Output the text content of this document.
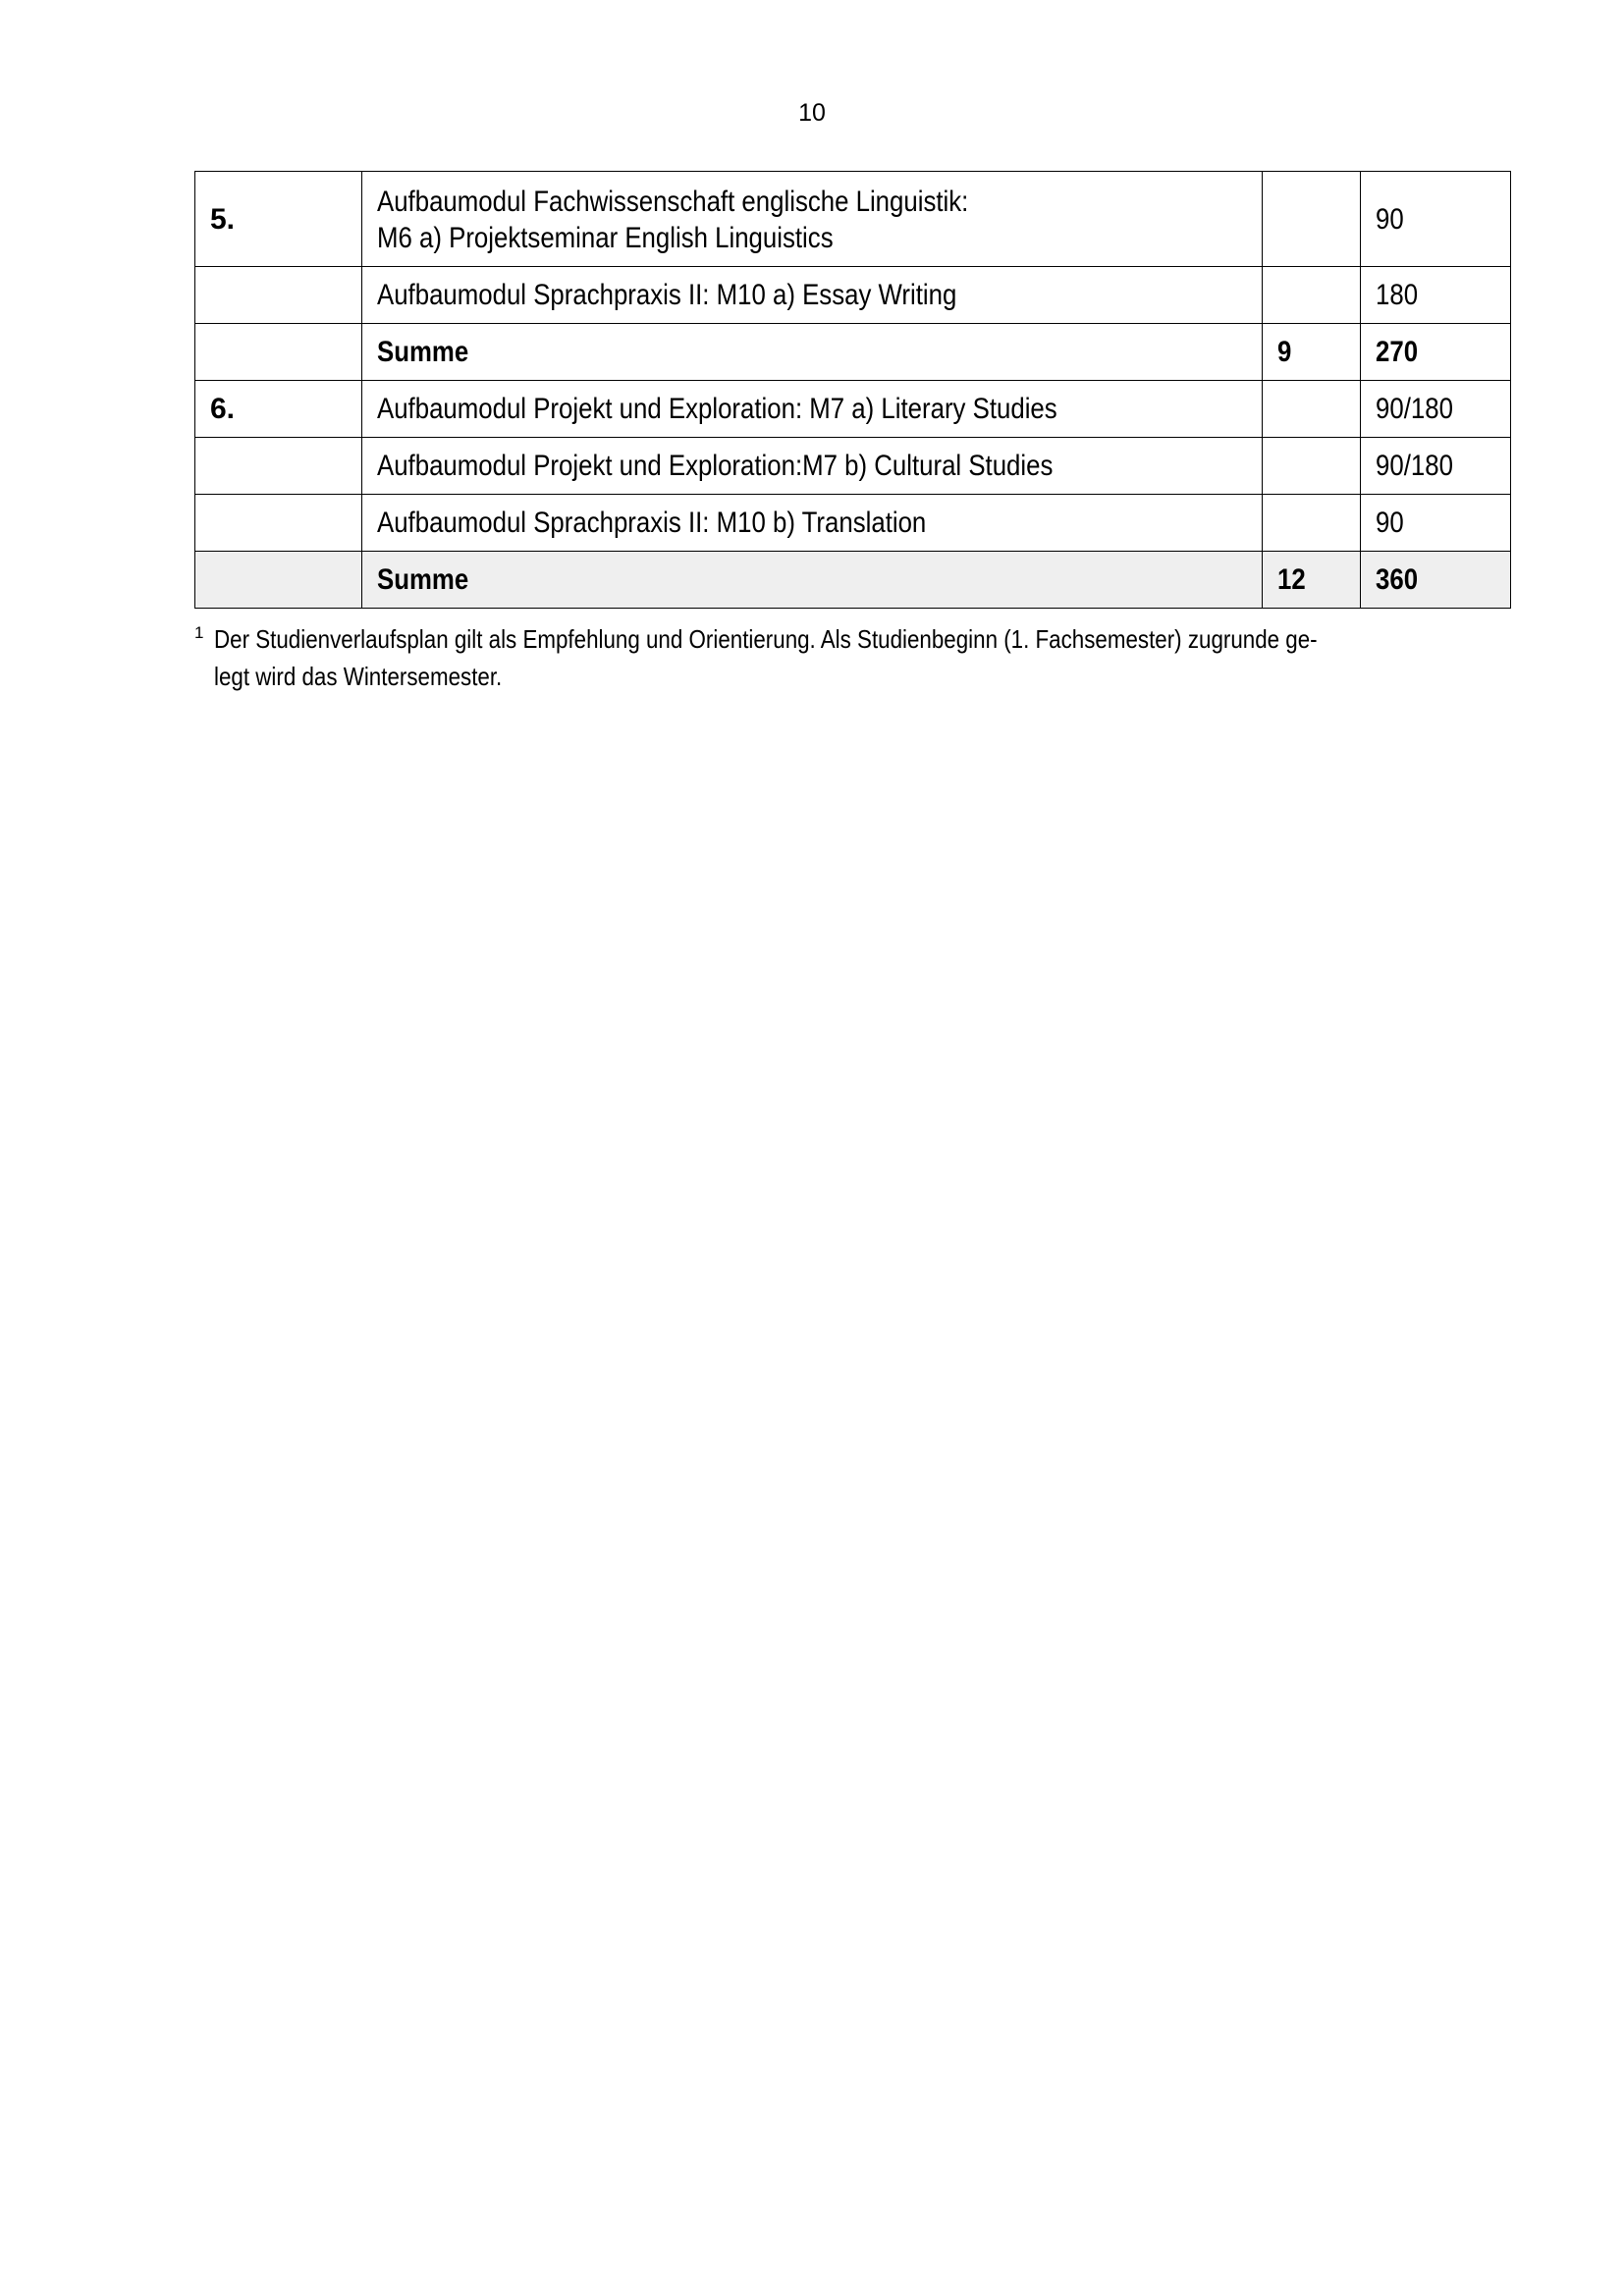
10
5.	Aufbaumodul Fachwissenschaft englische Linguistik:
M6 a) Projektseminar English Linguistics		90
	Aufbaumodul Sprachpraxis II: M10 a) Essay Writing		180
	Summe	9	270
6.	Aufbaumodul Projekt und Exploration: M7 a) Literary Studies		90/180
	Aufbaumodul Projekt und Exploration:M7 b) Cultural Studies		90/180
	Aufbaumodul Sprachpraxis II: M10 b) Translation		90
	Summe	12	360
1 Der Studienverlaufsplan gilt als Empfehlung und Orientierung. Als Studienbeginn (1. Fachsemester) zugrunde ge-
legt wird das Wintersemester.
